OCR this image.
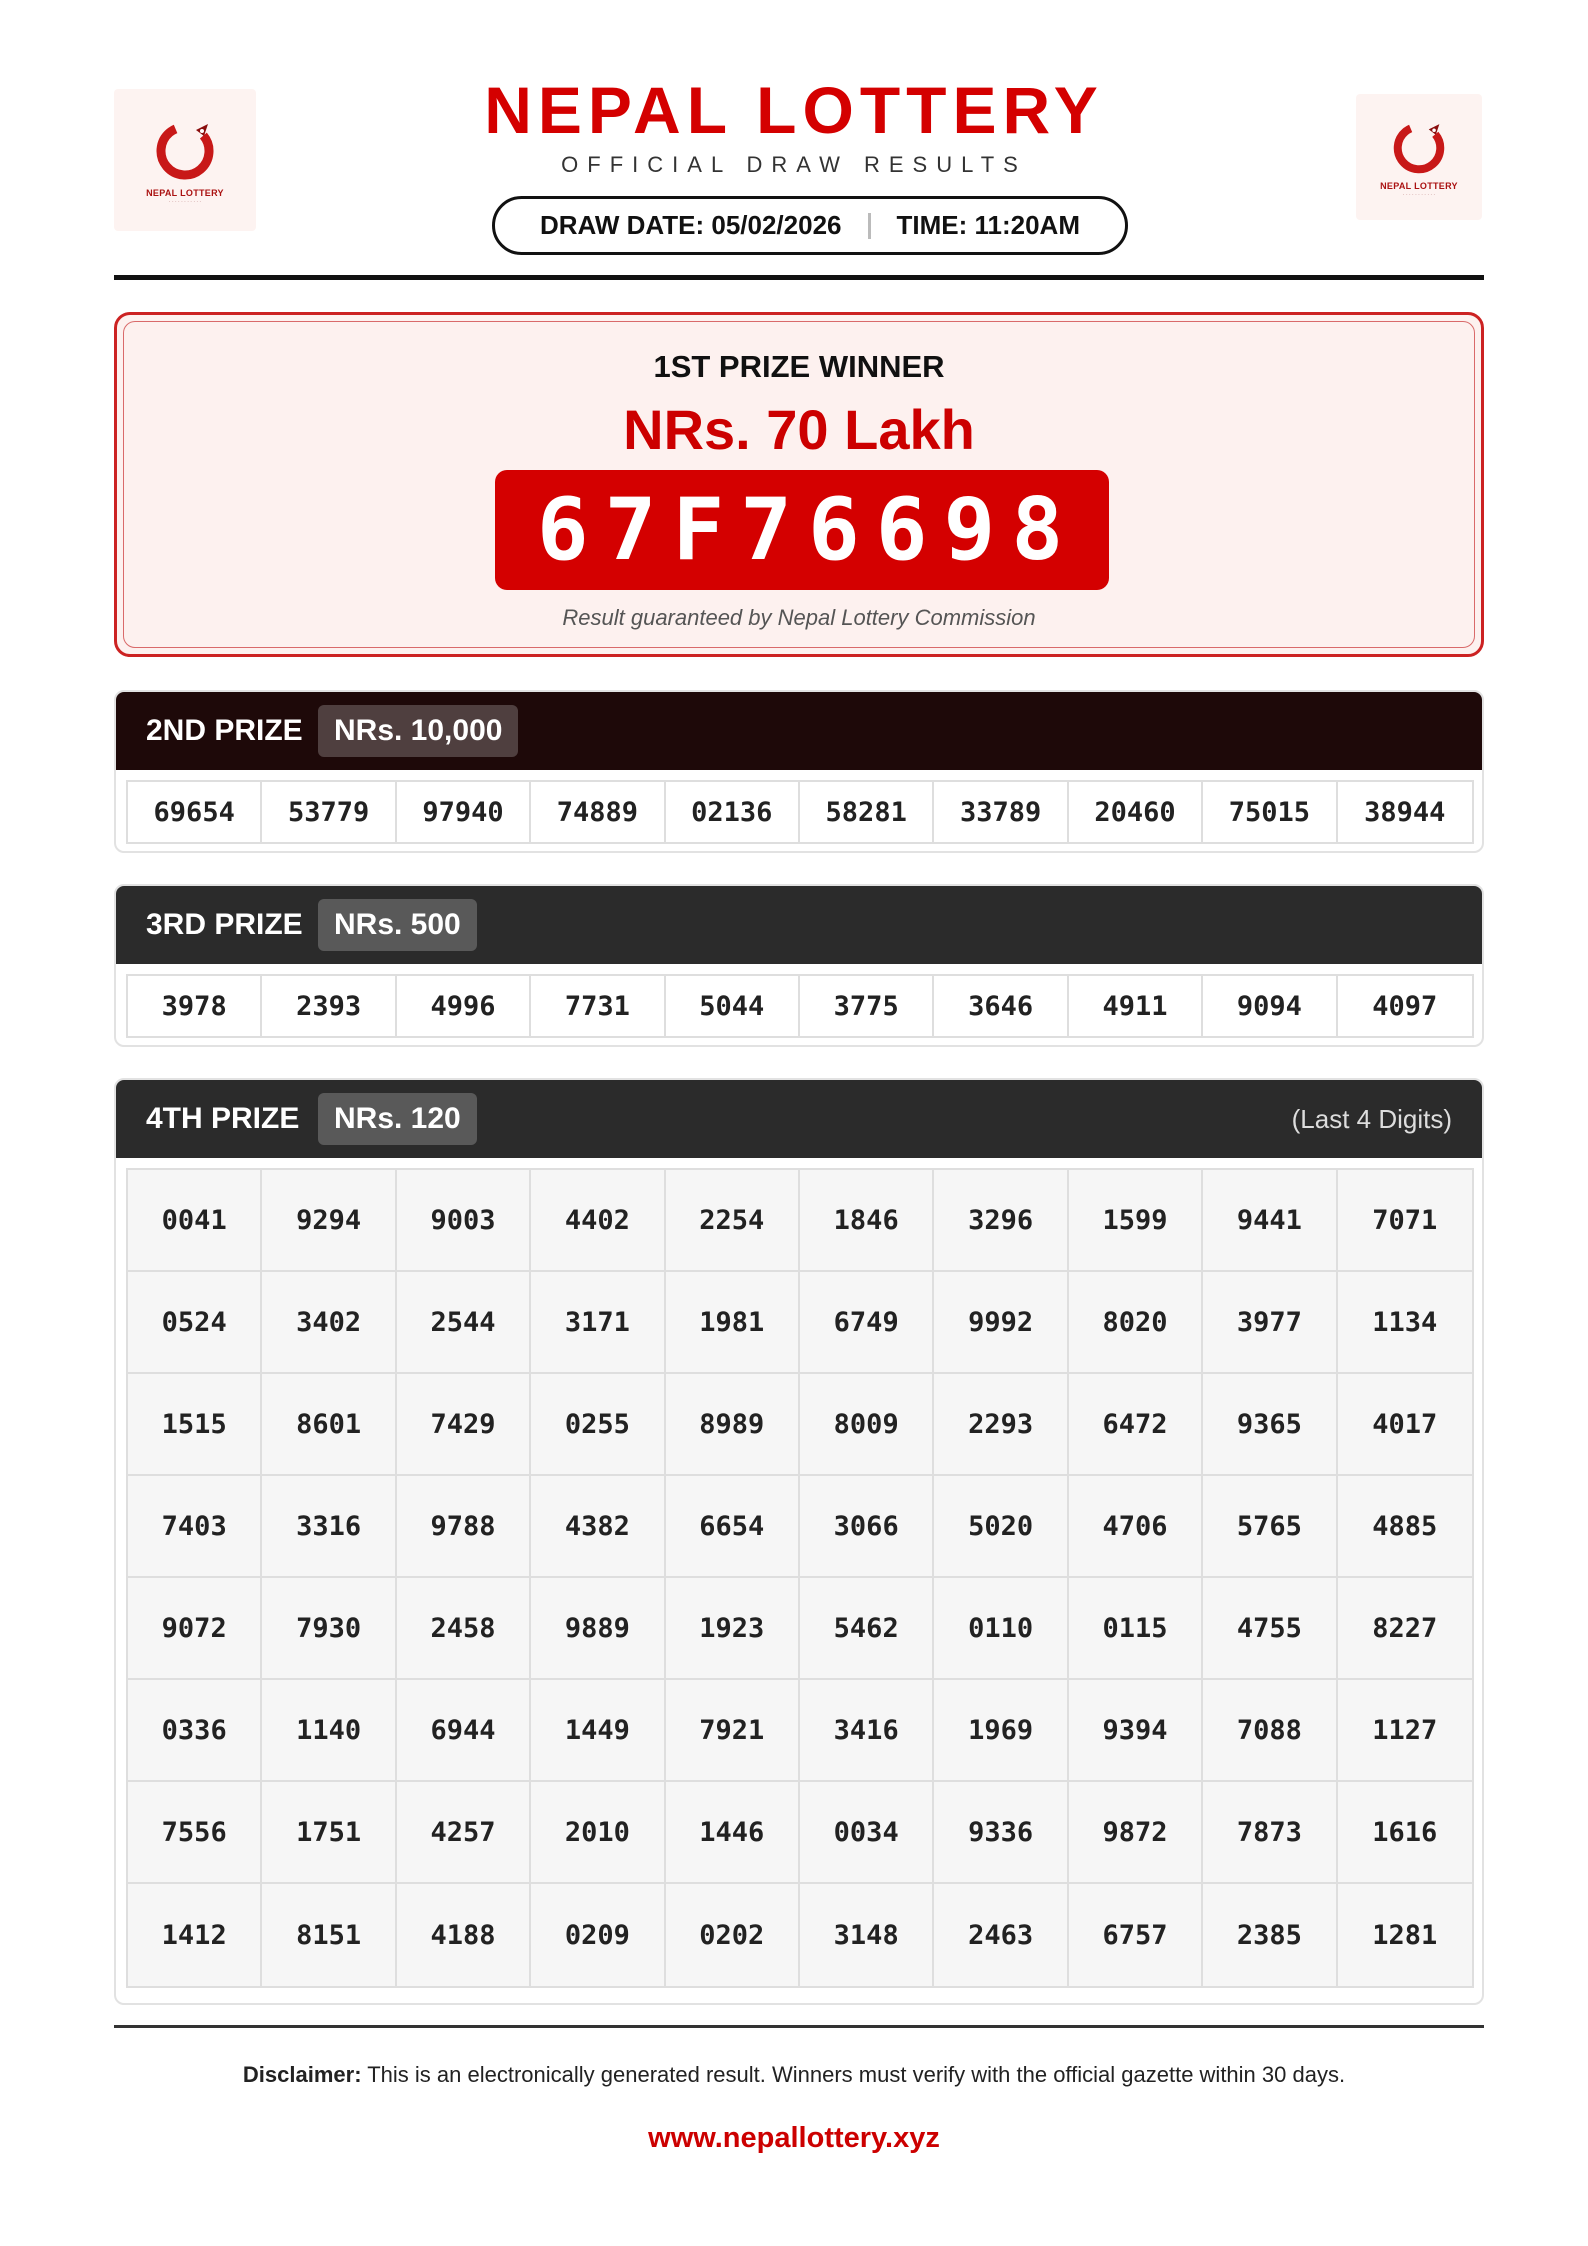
NEPAL LOTTERY
· · · · · · · · · · ·
NEPAL LOTTERY
· · · · · · · · · · ·
NEPAL LOTTERY
OFFICIAL DRAW RESULTS
DRAW DATE: 05/02/2026 TIME: 11:20AM
1ST PRIZE WINNER
NRs. 70 Lakh
67F76698
Result guaranteed by Nepal Lottery Commission
2ND PRIZE	NRs. 10,000
69654	53779	97940	74889	02136	58281	33789	20460	75015	38944
3RD PRIZE	NRs. 500
3978	2393	4996	7731	5044	3775	3646	4911	9094	4097
4TH PRIZE	NRs. 120	(Last 4 Digits)
0041	9294	9003	4402	2254	1846	3296	1599	9441	7071
0524	3402	2544	3171	1981	6749	9992	8020	3977	1134
1515	8601	7429	0255	8989	8009	2293	6472	9365	4017
7403	3316	9788	4382	6654	3066	5020	4706	5765	4885
9072	7930	2458	9889	1923	5462	0110	0115	4755	8227
0336	1140	6944	1449	7921	3416	1969	9394	7088	1127
7556	1751	4257	2010	1446	0034	9336	9872	7873	1616
1412	8151	4188	0209	0202	3148	2463	6757	2385	1281
Disclaimer: This is an electronically generated result. Winners must verify with the official gazette within 30 days.
www.nepallottery.xyz
